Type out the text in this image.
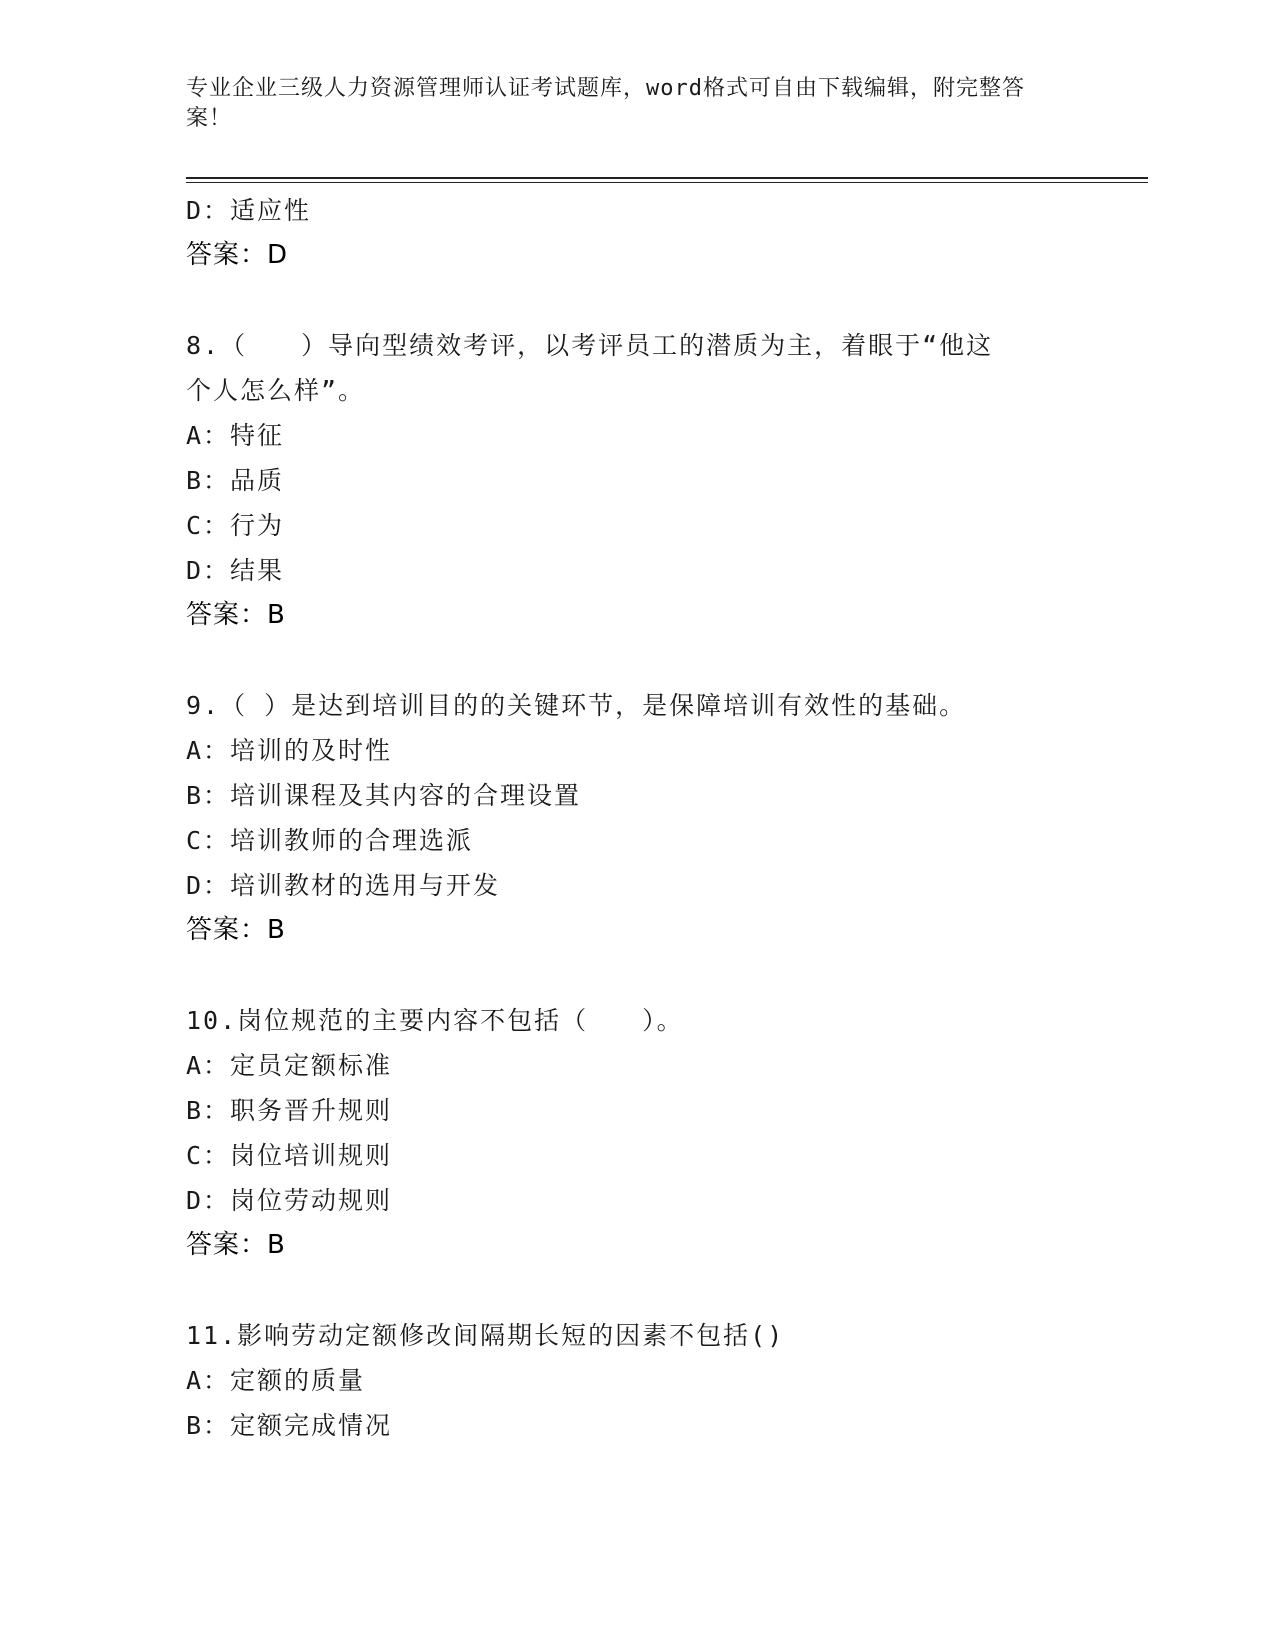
专业企业三级人力资源管理师认证考试题库，word格式可自由下载编辑，附完整答案！
D：适应性
答案：D
8.（　　）导向型绩效考评，以考评员工的潜质为主，着眼于“他这
个人怎么样”。
A：特征
B：品质
C：行为
D：结果
答案：B
9.（ ）是达到培训目的的关键环节，是保障培训有效性的基础。
A：培训的及时性
B：培训课程及其内容的合理设置
C：培训教师的合理选派
D：培训教材的选用与开发
答案：B
10.岗位规范的主要内容不包括（　　）。
A：定员定额标准
B：职务晋升规则
C：岗位培训规则
D：岗位劳动规则
答案：B
11.影响劳动定额修改间隔期长短的因素不包括()
A：定额的质量
B：定额完成情况
